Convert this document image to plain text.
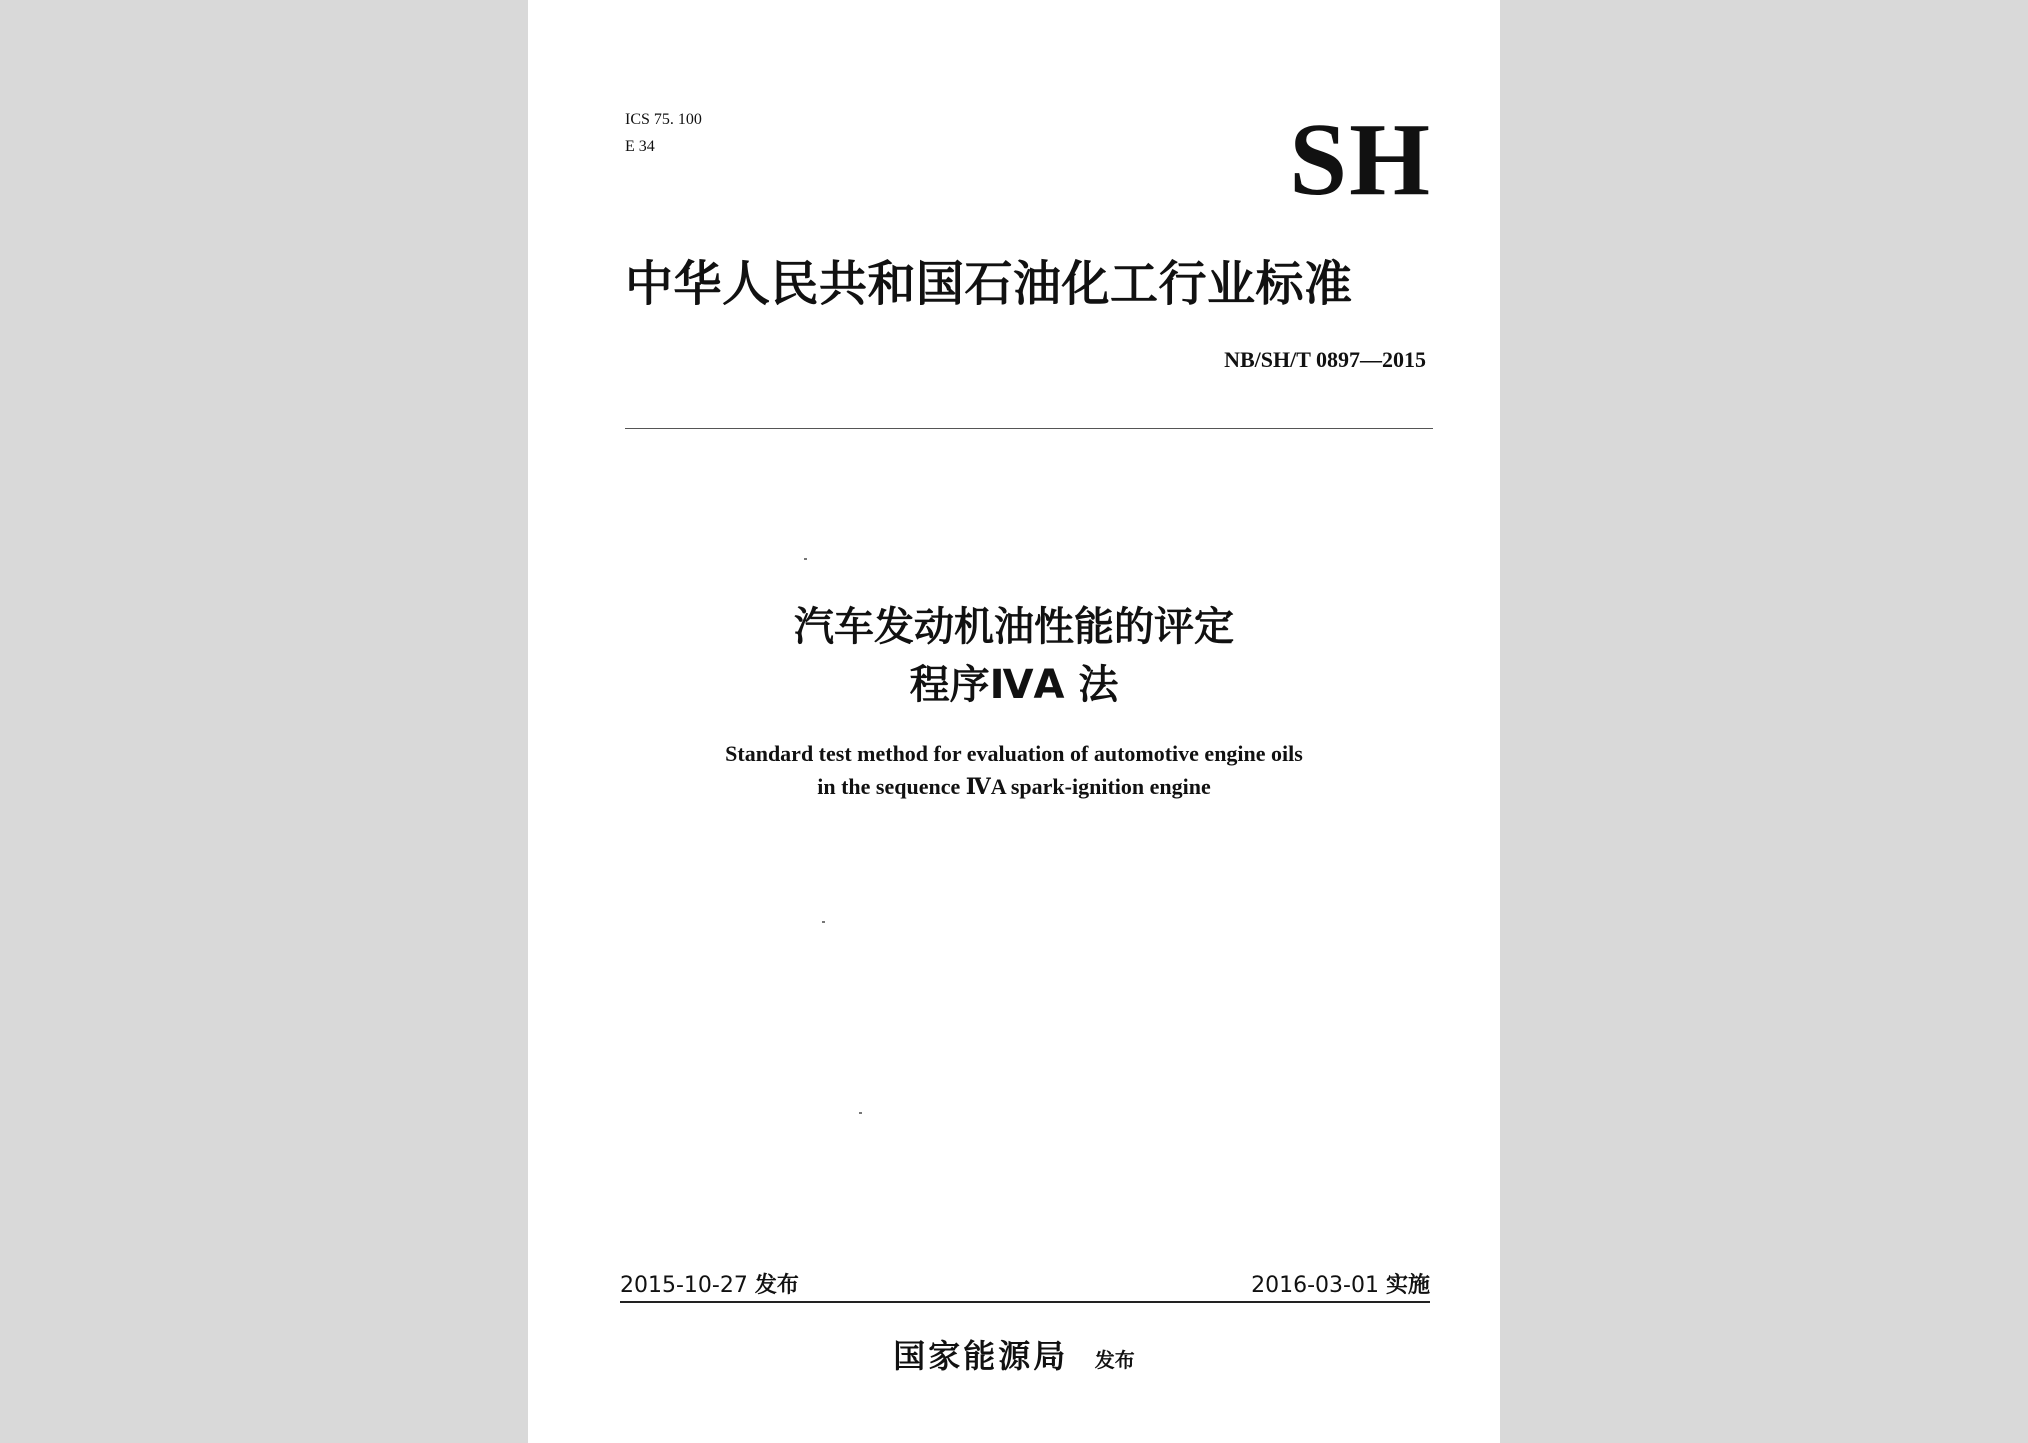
ICS 75. 100
E 34	SH
中华人民共和国石油化工行业标准
NB/SH/T 0897—2015
汽车发动机油性能的评定
程序ⅣA 法
Standard test method for evaluation of automotive engine oils
in the sequence ⅣA spark-ignition engine
2015-10-27 发布	2016-03-01 实施
国家能源局 发布
